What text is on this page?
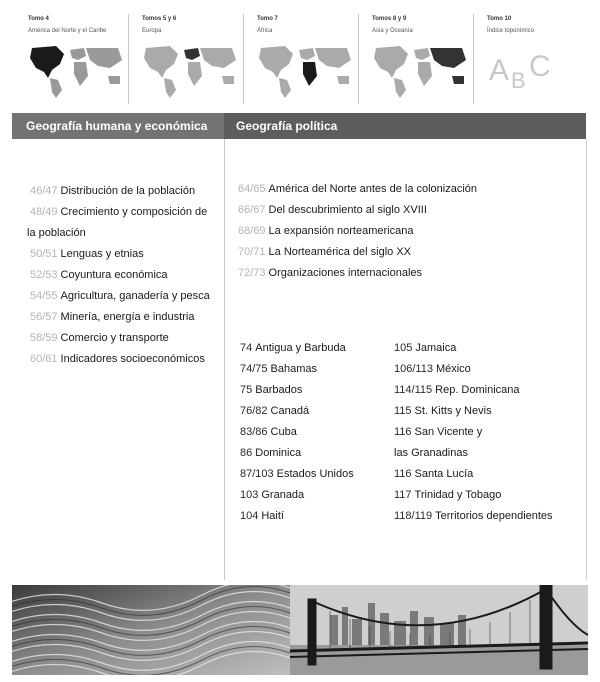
Tomo 4
América del Norte y el Caribe
Tomos 5 y 6
Europa
Tomo 7
África
Tomos 8 y 9
Asia y Oceanía
Tomo 10
Índice toponímico
A B C
Geografía humana y económica Geografía política
46/47 Distribución de la población
48/49 Crecimiento y composición de
la población
50/51 Lenguas y etnias
52/53 Coyuntura económica
54/55 Agricultura, ganadería y pesca
56/57 Minería, energía e industria
58/59 Comercio y transporte
60/61 Indicadores socioeconómicos
64/65 América del Norte antes de la colonización
66/67 Del descubrimiento al siglo XVIII
68/69 La expansión norteamericana
70/71 La Norteamérica del siglo XX
72/73 Organizaciones internacionales
74 Antigua y Barbuda
74/75 Bahamas
75 Barbados
76/82 Canadá
83/86 Cuba
86 Dominica
87/103 Estados Unidos
103 Granada
104 Haití
105 Jamaica
106/113 México
114/115 Rep. Dominicana
115 St. Kitts y Nevis
116 San Vicente y
las Granadinas
116 Santa Lucía
117 Trinidad y Tobago
118/119 Territorios dependientes
